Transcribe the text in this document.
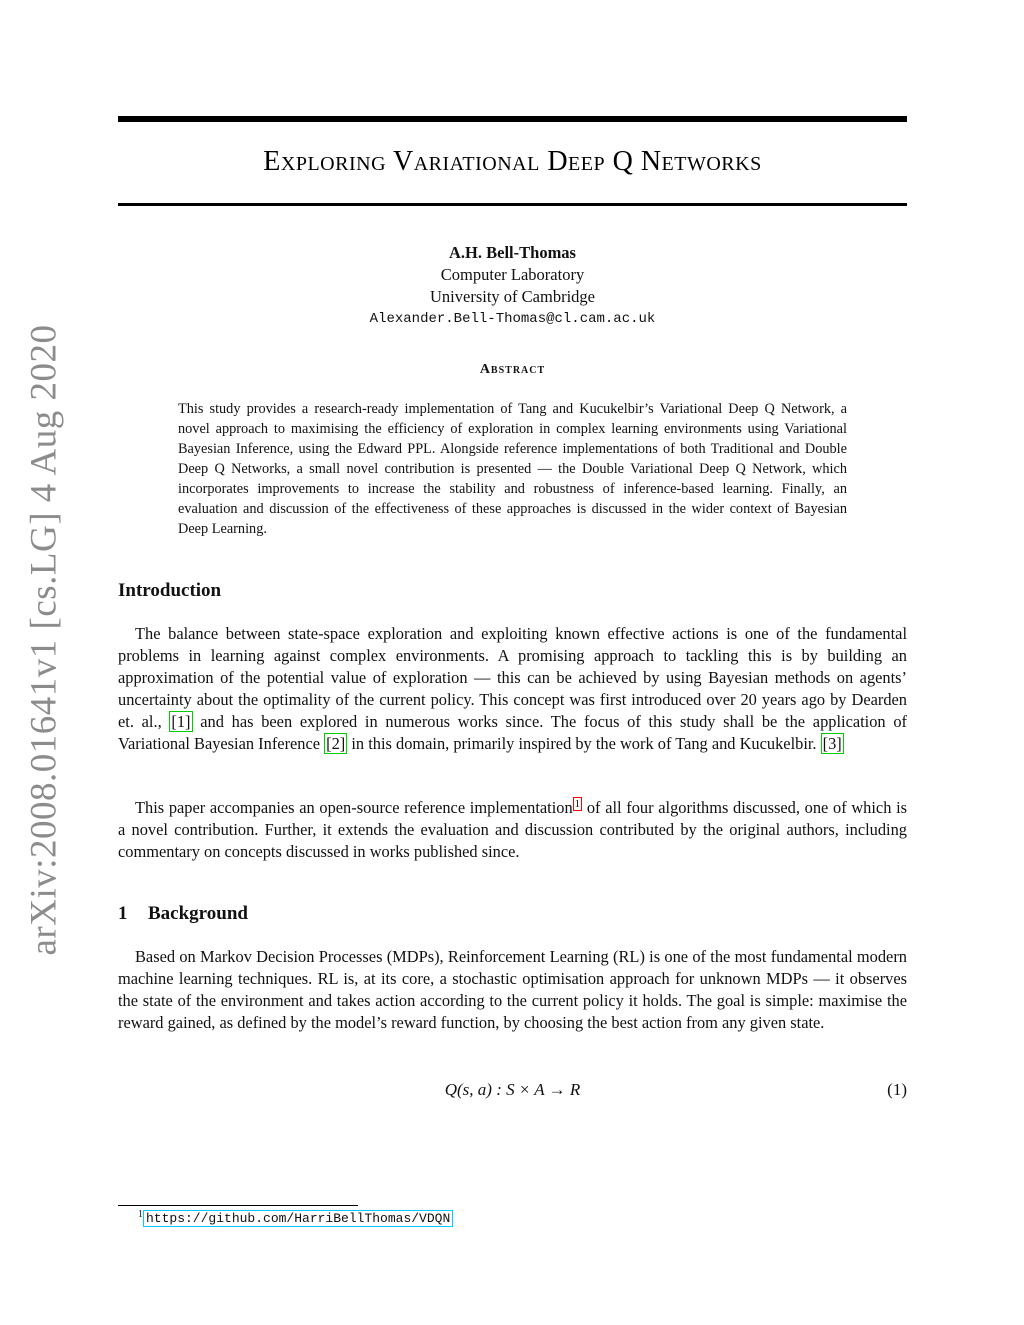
arXiv:2008.01641v1 [cs.LG] 4 Aug 2020
Exploring Variational Deep Q Networks
A.H. Bell-Thomas
Computer Laboratory
University of Cambridge
Alexander.Bell-Thomas@cl.cam.ac.uk
Abstract
This study provides a research-ready implementation of Tang and Kucukelbir’s Variational Deep Q Network, a novel approach to maximising the efficiency of exploration in complex learning environments using Variational Bayesian Inference, using the Edward PPL. Alongside reference implementations of both Traditional and Double Deep Q Networks, a small novel contribution is presented — the Double Variational Deep Q Network, which incorporates improvements to increase the stability and robustness of inference-based learning. Finally, an evaluation and discussion of the effectiveness of these approaches is discussed in the wider context of Bayesian Deep Learning.
Introduction
The balance between state-space exploration and exploiting known effective actions is one of the fundamental problems in learning against complex environments. A promising approach to tackling this is by building an approximation of the potential value of exploration — this can be achieved by using Bayesian methods on agents’ uncertainty about the optimality of the current policy. This concept was first introduced over 20 years ago by Dearden et. al., [1] and has been explored in numerous works since. The focus of this study shall be the application of Variational Bayesian Inference [2] in this domain, primarily inspired by the work of Tang and Kucukelbir. [3]
This paper accompanies an open-source reference implementation $^1$ of all four algorithms discussed, one of which is a novel contribution. Further, it extends the evaluation and discussion contributed by the original authors, including commentary on concepts discussed in works published since.
1 Background
Based on Markov Decision Processes (MDPs), Reinforcement Learning (RL) is one of the most fundamental modern machine learning techniques. RL is, at its core, a stochastic optimisation approach for unknown MDPs — it observes the state of the environment and takes action according to the current policy it holds. The goal is simple: maximise the reward gained, as defined by the model’s reward function, by choosing the best action from any given state.
Q(s, a) : S × A → R	(1)
$^1$ https://github.com/HarriBellThomas/VDQN
